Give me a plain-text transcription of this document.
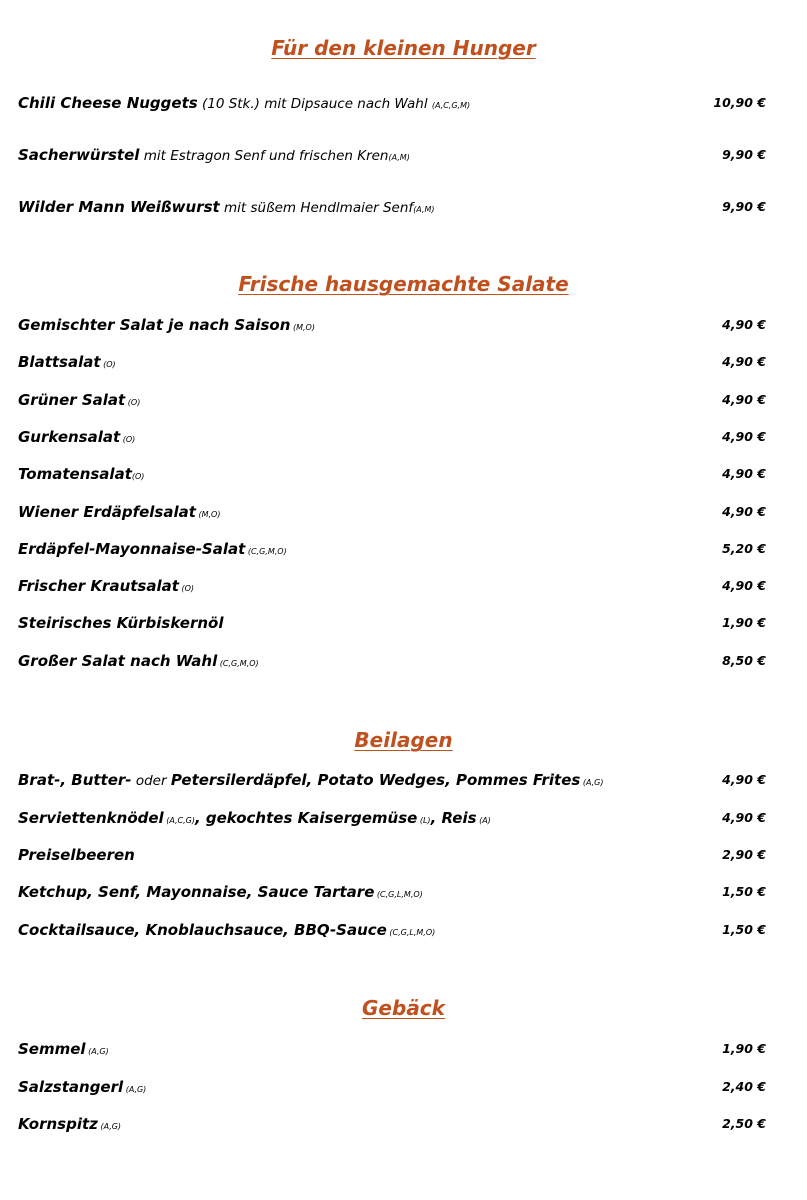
Für den kleinen Hunger
Frische hausgemachte Salate
Beilagen
Gebäck
Chili Cheese Nuggets (10 Stk.) mit Dipsauce nach Wahl (A,C,G,M)	10,90 €
Sacherwürstel mit Estragon Senf und frischen Kren(A,M)	9,90 €
Wilder Mann Weißwurst mit süßem Hendlmaier Senf(A,M)	9,90 €
Gemischter Salat je nach Saison (M,O)	4,90 €
Blattsalat (O)	4,90 €
Grüner Salat (O)	4,90 €
Gurkensalat (O)	4,90 €
Tomatensalat(O)	4,90 €
Wiener Erdäpfelsalat (M,O)	4,90 €
Erdäpfel-Mayonnaise-Salat (C,G,M,O)	5,20 €
Frischer Krautsalat (O)	4,90 €
Steirisches Kürbiskernöl	1,90 €
Großer Salat nach Wahl (C,G,M,O)	8,50 €
Brat-, Butter- oder Petersilerdäpfel, Potato Wedges, Pommes Frites (A,G)	4,90 €
Serviettenknödel (A,C,G), gekochtes Kaisergemüse (L), Reis (A)	4,90 €
Preiselbeeren	2,90 €
Ketchup, Senf, Mayonnaise, Sauce Tartare (C,G,L,M,O)	1,50 €
Cocktailsauce, Knoblauchsauce, BBQ-Sauce (C,G,L,M,O)	1,50 €
Semmel (A,G)	1,90 €
Salzstangerl (A,G)	2,40 €
Kornspitz (A,G)	2,50 €
